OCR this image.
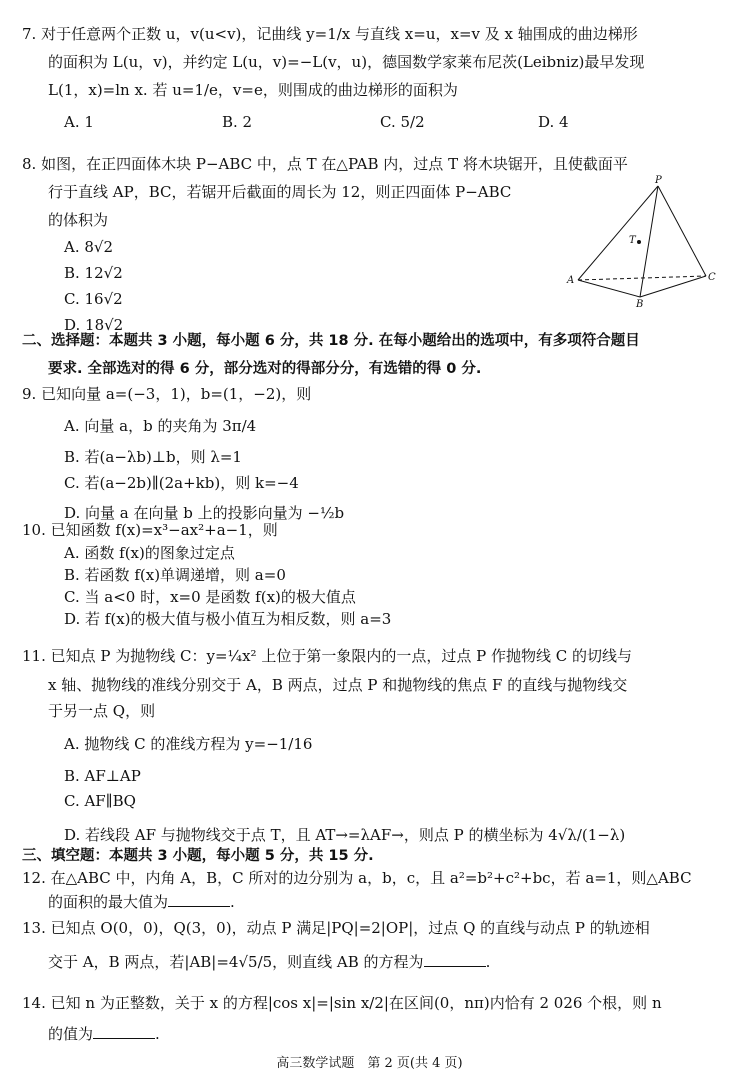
7. 对于任意两个正数 u，v(u<v)，记曲线 y=1/x 与直线 x=u，x=v 及 x 轴围成的曲边梯形
的面积为 L(u，v)，并约定 L(u，v)=−L(v，u)，德国数学家莱布尼茨(Leibniz)最早发现
L(1，x)=ln x. 若 u=1/e，v=e，则围成的曲边梯形的面积为
A. 1	B. 2	C. 5/2	D. 4
8. 如图，在正四面体木块 P−ABC 中，点 T 在△PAB 内，过点 T 将木块锯开，且使截面平
行于直线 AP，BC，若锯开后截面的周长为 12，则正四面体 P−ABC
的体积为
A. 8√2
B. 12√2
C. 16√2
D. 18√2
P
A
B
C
T
二、选择题：本题共 3 小题，每小题 6 分，共 18 分. 在每小题给出的选项中，有多项符合题目
要求. 全部选对的得 6 分，部分选对的得部分分，有选错的得 0 分.
9. 已知向量 a=(−3，1)，b=(1，−2)，则
A. 向量 a，b 的夹角为 3π/4
B. 若(a−λb)⊥b，则 λ=1
C. 若(a−2b)∥(2a+kb)，则 k=−4
D. 向量 a 在向量 b 上的投影向量为 −½b
10. 已知函数 f(x)=x³−ax²+a−1，则
A. 函数 f(x)的图象过定点
B. 若函数 f(x)单调递增，则 a=0
C. 当 a<0 时，x=0 是函数 f(x)的极大值点
D. 若 f(x)的极大值与极小值互为相反数，则 a=3
11. 已知点 P 为抛物线 C：y=¼x² 上位于第一象限内的一点，过点 P 作抛物线 C 的切线与
x 轴、抛物线的准线分别交于 A，B 两点，过点 P 和抛物线的焦点 F 的直线与抛物线交
于另一点 Q，则
A. 抛物线 C 的准线方程为 y=−1/16
B. AF⊥AP
C. AF∥BQ
D. 若线段 AF 与抛物线交于点 T，且 AT→=λAF→，则点 P 的横坐标为 4√λ/(1−λ)
三、填空题：本题共 3 小题，每小题 5 分，共 15 分.
12. 在△ABC 中，内角 A，B，C 所对的边分别为 a，b，c，且 a²=b²+c²+bc，若 a=1，则△ABC
的面积的最大值为	.
13. 已知点 O(0，0)，Q(3，0)，动点 P 满足|PQ|=2|OP|，过点 Q 的直线与动点 P 的轨迹相
交于 A，B 两点，若|AB|=4√5/5，则直线 AB 的方程为	.
14. 已知 n 为正整数，关于 x 的方程|cos x|=|sin x/2|在区间(0，nπ)内恰有 2 026 个根，则 n
的值为	.
高三数学试题　第 2 页(共 4 页)
